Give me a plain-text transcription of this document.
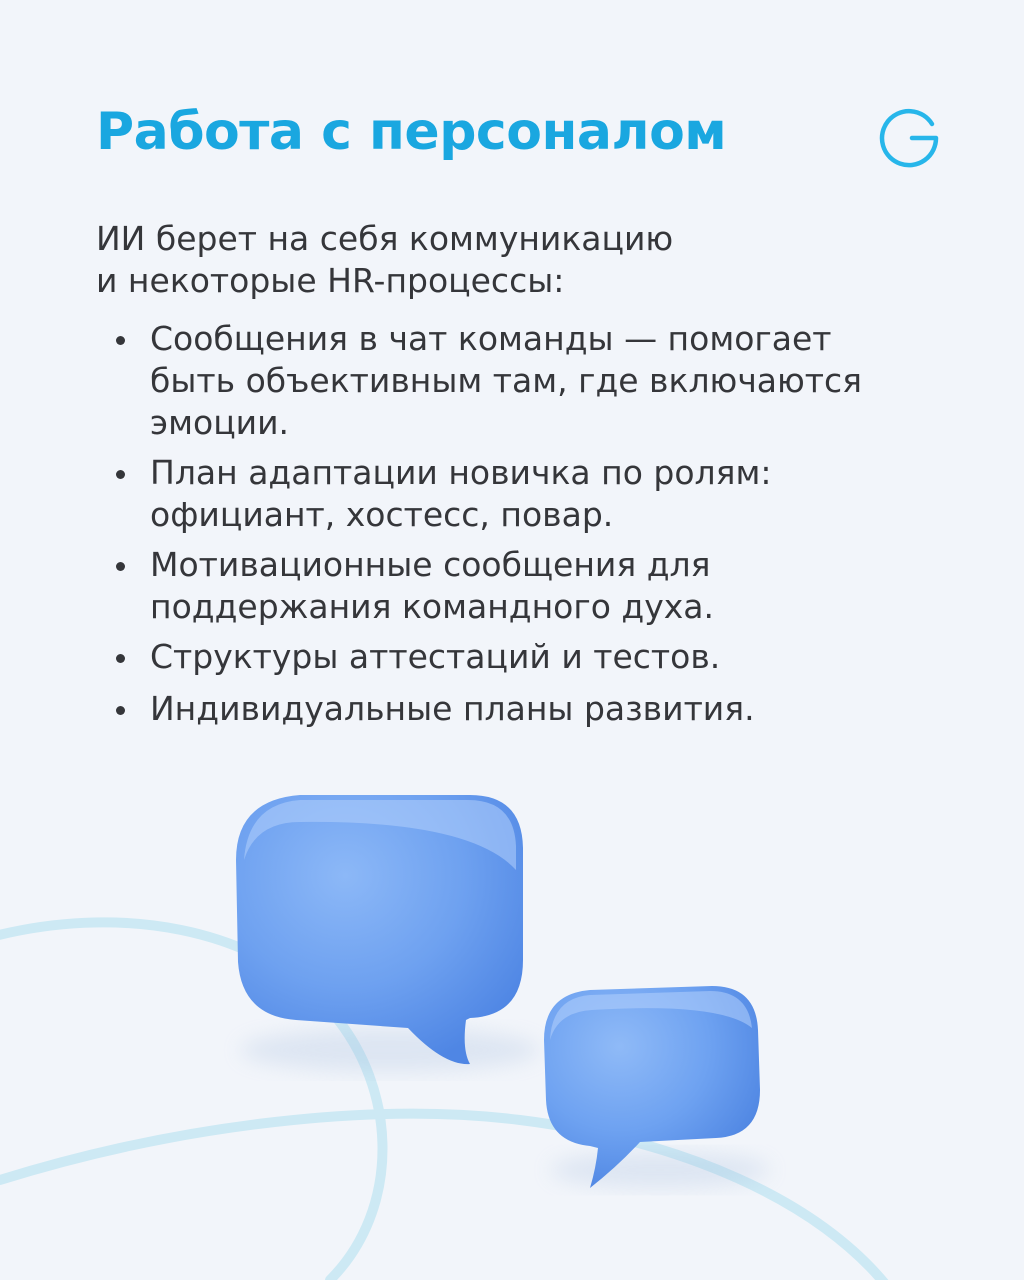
Работа с персоналом

ИИ берет на себя коммуникацию
и некоторые HR-процессы:

Сообщения в чат команды — помогает
быть объективным там, где включаются
эмоции.
План адаптации новичка по ролям:
официант, хостесс, повар.
Мотивационные сообщения для
поддержания командного духа.
Структуры аттестаций и тестов.
Индивидуальные планы развития.
